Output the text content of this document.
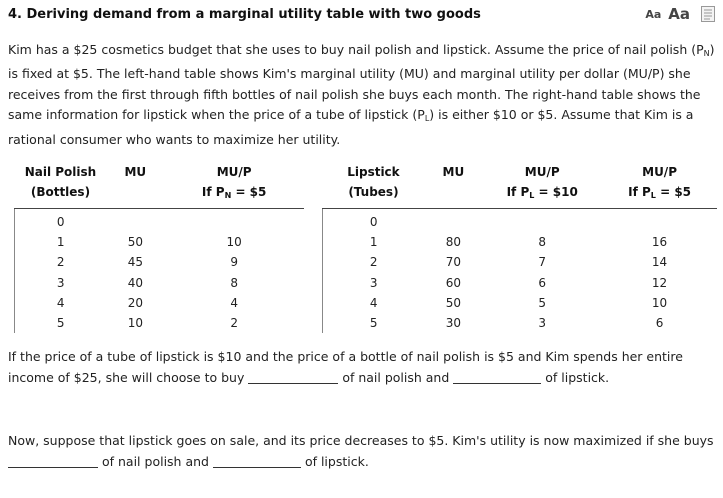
4. Deriving demand from a marginal utility table with two goods	Aa Aa
Kim has a $25 cosmetics budget that she uses to buy nail polish and lipstick. Assume the price of nail polish $(P_N)$ is fixed at $5. The left-hand table shows Kim's marginal utility (MU) and marginal utility per dollar (MU/P) she receives from the first through fifth bottles of nail polish she buys each month. The right-hand table shows the same information for lipstick when the price of a tube of lipstick $(P_L)$ is either $10 or $5. Assume that Kim is a rational consumer who wants to maximize her utility.
Nail Polish	MU	MU/P
(Bottles)		If $P_N$ = $5
0		
1	50	10
2	45	9
3	40	8
4	20	4
5	10	2
Lipstick	MU	MU/P	MU/P
(Tubes)		If $P_L$ = $10	If $P_L$ = $5
0			
1	80	8	16
2	70	7	14
3	60	6	12
4	50	5	10
5	30	3	6
If the price of a tube of lipstick is $10 and the price of a bottle of nail polish is $5 and Kim spends her entire income of $25, she will choose to buy	of nail polish and	of lipstick.
Now, suppose that lipstick goes on sale, and its price decreases to $5. Kim's utility is now maximized if she buys  of nail polish and	of lipstick.
